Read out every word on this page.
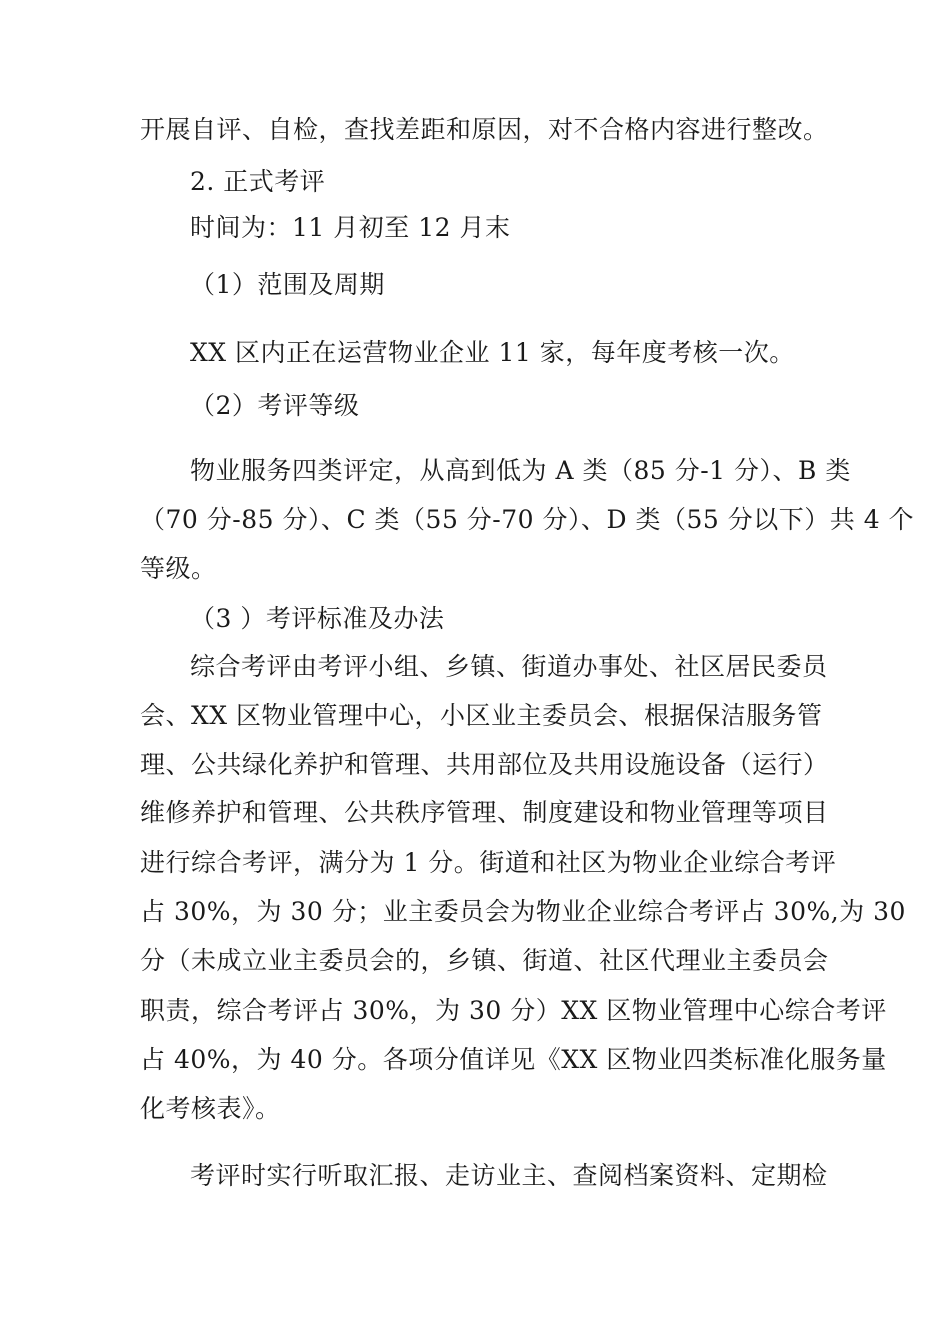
开展自评、自检，查找差距和原因，对不合格内容进行整改。
2. 正式考评
时间为：11 月初至 12 月末
（1）范围及周期
XX 区内正在运营物业企业 11 家，每年度考核一次。
（2）考评等级
物业服务四类评定，从高到低为 A 类（85 分-1 分）、B 类
（70 分-85 分）、C 类（55 分-70 分）、D 类（55 分以下）共 4 个
等级。
（3 ）考评标准及办法
综合考评由考评小组、乡镇、街道办事处、社区居民委员
会、XX 区物业管理中心，小区业主委员会、根据保洁服务管
理、公共绿化养护和管理、共用部位及共用设施设备（运行）
维修养护和管理、公共秩序管理、制度建设和物业管理等项目
进行综合考评，满分为 1 分。街道和社区为物业企业综合考评
占 30%，为 30 分；业主委员会为物业企业综合考评占 30%,为 30
分（未成立业主委员会的，乡镇、街道、社区代理业主委员会
职责，综合考评占 30%，为 30 分）XX 区物业管理中心综合考评
占 40%，为 40 分。各项分值详见《XX 区物业四类标准化服务量
化考核表》。
考评时实行听取汇报、走访业主、查阅档案资料、定期检
